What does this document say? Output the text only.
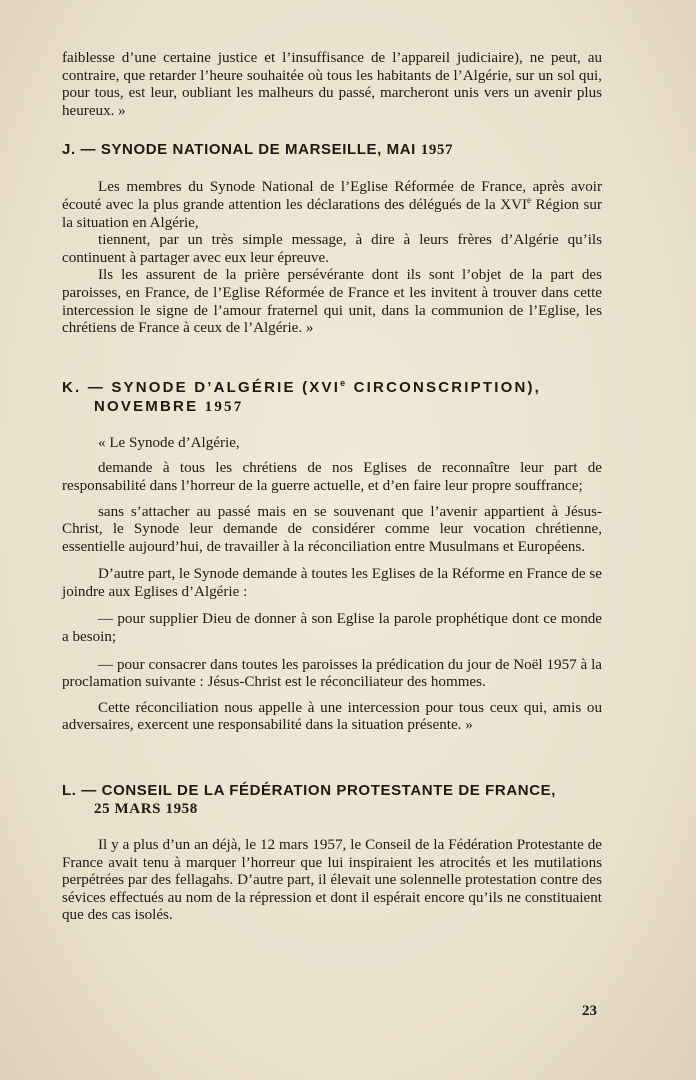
faiblesse d’une certaine justice et l’insuffisance de l’appareil judiciaire), ne peut, au contraire, que retarder l’heure souhaitée où tous les habitants de l’Algérie, sur un sol qui, pour tous, est leur, oubliant les malheurs du passé, marcheront unis vers un avenir plus heureux. »

J. — SYNODE NATIONAL DE MARSEILLE, MAI 1957

Les membres du Synode National de l’Eglise Réformée de France, après avoir écouté avec la plus grande attention les déclarations des délégués de la XVIe Région sur la situation en Algérie,

tiennent, par un très simple message, à dire à leurs frères d’Algérie qu’ils continuent à partager avec eux leur épreuve.

Ils les assurent de la prière persévérante dont ils sont l’objet de la part des paroisses, en France, de l’Eglise Réformée de France et les invitent à trouver dans cette intercession le signe de l’amour fraternel qui unit, dans la communion de l’Eglise, les chrétiens de France à ceux de l’Algérie. »

K. — SYNODE D’ALGÉRIE (XVIe CIRCONSCRIPTION),
NOVEMBRE 1957

« Le Synode d’Algérie,

demande à tous les chrétiens de nos Eglises de reconnaître leur part de responsabilité dans l’horreur de la guerre actuelle, et d’en faire leur propre souffrance;

sans s’attacher au passé mais en se souvenant que l’avenir appartient à Jésus-Christ, le Synode leur demande de considérer comme leur vocation chrétienne, essentielle aujourd’hui, de travailler à la réconciliation entre Musulmans et Européens.

D’autre part, le Synode demande à toutes les Eglises de la Réforme en France de se joindre aux Eglises d’Algérie :

— pour supplier Dieu de donner à son Eglise la parole prophétique dont ce monde a besoin;

— pour consacrer dans toutes les paroisses la prédication du jour de Noël 1957 à la proclamation suivante : Jésus-Christ est le réconciliateur des hommes.

Cette réconciliation nous appelle à une intercession pour tous ceux qui, amis ou adversaires, exercent une responsabilité dans la situation présente. »

L. — CONSEIL DE LA FÉDÉRATION PROTESTANTE DE FRANCE,
25 MARS 1958

Il y a plus d’un an déjà, le 12 mars 1957, le Conseil de la Fédération Protestante de France avait tenu à marquer l’horreur que lui inspiraient les atrocités et les mutilations perpétrées par des fellagahs. D’autre part, il élevait une solennelle protestation contre des sévices effectués au nom de la répression et dont il espérait encore qu’ils ne constituaient que des cas isolés.

23
